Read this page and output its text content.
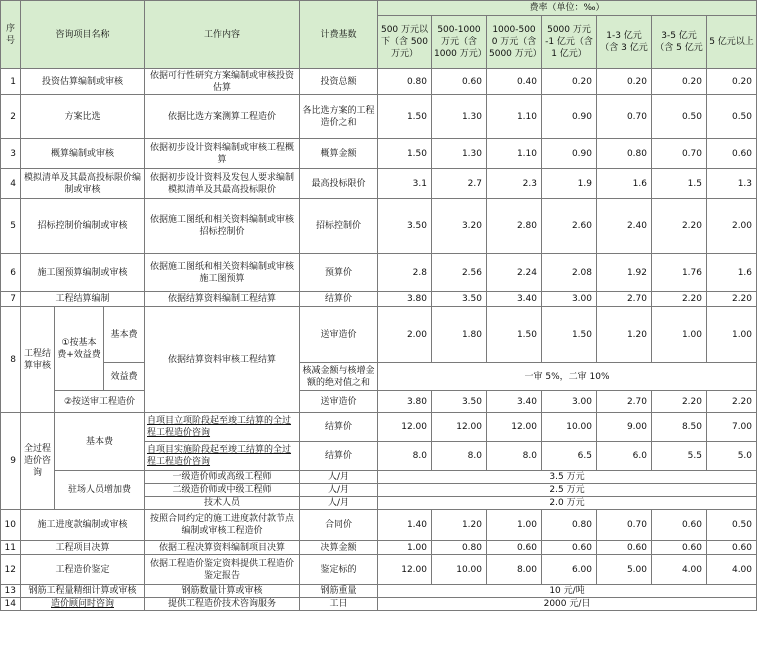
序号	咨询项目名称			工作内容	计费基数	费率（单位：‰）						
						500 万元以下（含 500 万元）	500-1000 万元（含 1000 万元）	1000-500 0 万元（含 5000 万元）	5000 万元 -1 亿元（含 1 亿元）	1-3 亿元（含 3 亿元	3-5 亿元（含 5 亿元	5 亿元以上
1	投资估算编制或审核			依据可行性研究方案编制或审核投资估算	投资总额	0.80	0.60	0.40	0.20	0.20	0.20	0.20
2	方案比选			依据比选方案测算工程造价	各比选方案的工程造价之和	1.50	1.30	1.10	0.90	0.70	0.50	0.50
3	概算编制或审核			依据初步设计资料编制或审核工程概算	概算金额	1.50	1.30	1.10	0.90	0.80	0.70	0.60
4	模拟清单及其最高投标限价编制或审核			依据初步设计资料及发包人要求编制模拟清单及其最高投标限价	最高投标限价	3.1	2.7	2.3	1.9	1.6	1.5	1.3
5	招标控制价编制或审核			依据施工图纸和相关资料编制或审核招标控制价	招标控制价	3.50	3.20	2.80	2.60	2.40	2.20	2.00
6	施工图预算编制或审核			依据施工图纸和相关资料编制或审核施工图预算	预算价	2.8	2.56	2.24	2.08	1.92	1.76	1.6
7	工程结算编制			依据结算资料编制工程结算	结算价	3.80	3.50	3.40	3.00	2.70	2.20	2.20
8	工程结算审核	①按基本费+效益费	基本费	依据结算资料审核工程结算	送审造价	2.00	1.80	1.50	1.50	1.20	1.00	1.00
			效益费		核减金额与核增金额的绝对值之和	一审 5%，二审 10%						
		②按送审工程造价			送审造价	3.80	3.50	3.40	3.00	2.70	2.20	2.20
9	全过程造价咨询	基本费		自项目立项阶段起至竣工结算的全过程工程造价咨询	结算价	12.00	12.00	12.00	10.00	9.00	8.50	7.00
				自项目实施阶段起至竣工结算的全过程工程造价咨询	结算价	8.0	8.0	8.0	6.5	6.0	5.5	5.0
		驻场人员增加费		一级造价师或高级工程师	人/月	3.5 万元						
				二级造价师或中级工程师	人/月	2.5 万元						
				技术人员	人/月	2.0 万元						
10	施工进度款编制或审核			按照合同约定的施工进度款付款节点编制或审核工程造价	合同价	1.40	1.20	1.00	0.80	0.70	0.60	0.50
11	工程项目决算			依据工程决算资料编制项目决算	决算金额	1.00	0.80	0.60	0.60	0.60	0.60	0.60
12	工程造价鉴定			依据工程造价鉴定资料提供工程造价鉴定报告	鉴定标的	12.00	10.00	8.00	6.00	5.00	4.00	4.00
13	钢筋工程量精细计算或审核			钢筋数量计算或审核	钢筋重量	10 元/吨						
14	造价顾问时咨询			提供工程造价技术咨询服务	工日	2000 元/日						
